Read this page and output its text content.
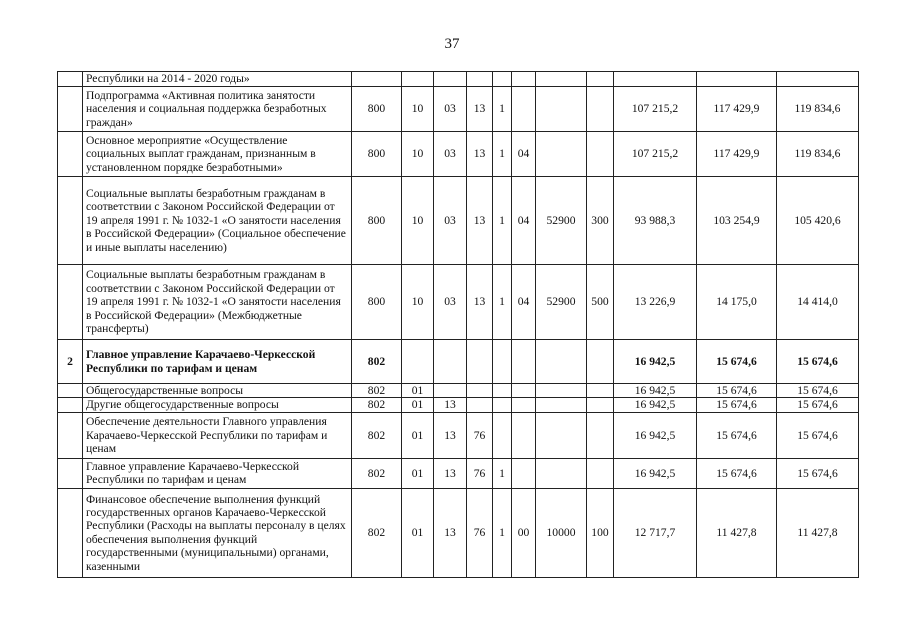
37
	Республики на 2014 - 2020 годы»											
	Подпрограмма «Активная политика занятости населения и социальная поддержка безработных граждан»	800	10	03	13	1				107 215,2	117 429,9	119 834,6
	Основное мероприятие «Осуществление социальных выплат гражданам, признанным в установленном порядке безработными»	800	10	03	13	1	04			107 215,2	117 429,9	119 834,6
	Социальные выплаты безработным гражданам в соответствии с Законом Российской Федерации от 19 апреля 1991 г. № 1032-1 «О занятости населения в Российской Федерации» (Социальное обеспечение и иные выплаты населению)	800	10	03	13	1	04	52900	300	93 988,3	103 254,9	105 420,6
	Социальные выплаты безработным гражданам в соответствии с Законом Российской Федерации от 19 апреля 1991 г. № 1032-1 «О занятости населения в Российской Федерации» (Межбюджетные трансферты)	800	10	03	13	1	04	52900	500	13 226,9	14 175,0	14 414,0
2	Главное управление Карачаево-Черкесской Республики по тарифам и ценам	802								16 942,5	15 674,6	15 674,6
	Общегосударственные вопросы	802	01							16 942,5	15 674,6	15 674,6
	Другие общегосударственные вопросы	802	01	13						16 942,5	15 674,6	15 674,6
	Обеспечение деятельности Главного управления Карачаево-Черкесской Республики по тарифам и ценам	802	01	13	76					16 942,5	15 674,6	15 674,6
	Главное управление Карачаево-Черкесской Республики по тарифам и ценам	802	01	13	76	1				16 942,5	15 674,6	15 674,6
	Финансовое обеспечение выполнения функций государственных органов Карачаево-Черкесской Республики (Расходы на выплаты персоналу в целях обеспечения выполнения функций государственными (муниципальными) органами, казенными	802	01	13	76	1	00	10000	100	12 717,7	11 427,8	11 427,8
